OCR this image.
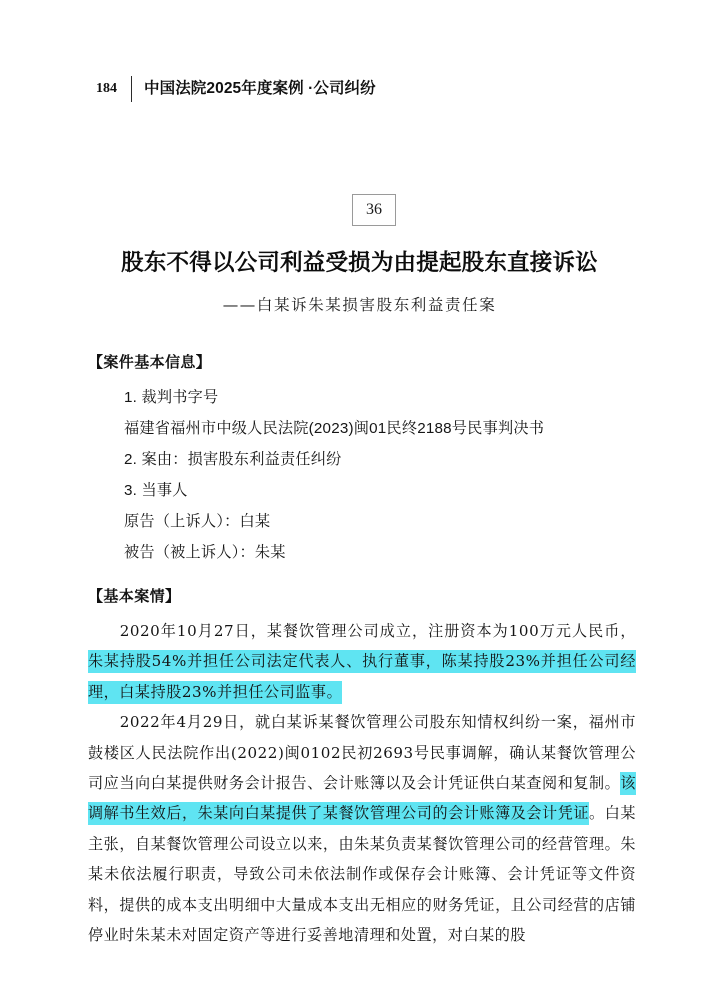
184 中国法院2025年度案例 ·公司纠纷
36
股东不得以公司利益受损为由提起股东直接诉讼
——白某诉朱某损害股东利益责任案
【案件基本信息】
1. 裁判书字号
福建省福州市中级人民法院(2023)闽01民终2188号民事判决书
2. 案由：损害股东利益责任纠纷
3. 当事人
原告（上诉人）：白某
被告（被上诉人）：朱某
【基本案情】

2020年10月27日，某餐饮管理公司成立，注册资本为100万元人民币，朱某持股54%并担任公司法定代表人、执行董事，陈某持股23%并担任公司经理，白某持股23%并担任公司监事。

2022年4月29日，就白某诉某餐饮管理公司股东知情权纠纷一案，福州市鼓楼区人民法院作出(2022)闽0102民初2693号民事调解，确认某餐饮管理公司应当向白某提供财务会计报告、会计账簿以及会计凭证供白某查阅和复制。该调解书生效后，朱某向白某提供了某餐饮管理公司的会计账簿及会计凭证。白某主张，自某餐饮管理公司设立以来，由朱某负责某餐饮管理公司的经营管理。朱某未依法履行职责，导致公司未依法制作或保存会计账簿、会计凭证等文件资料，提供的成本支出明细中大量成本支出无相应的财务凭证，且公司经营的店铺停业时朱某未对固定资产等进行妥善地清理和处置，对白某的股
